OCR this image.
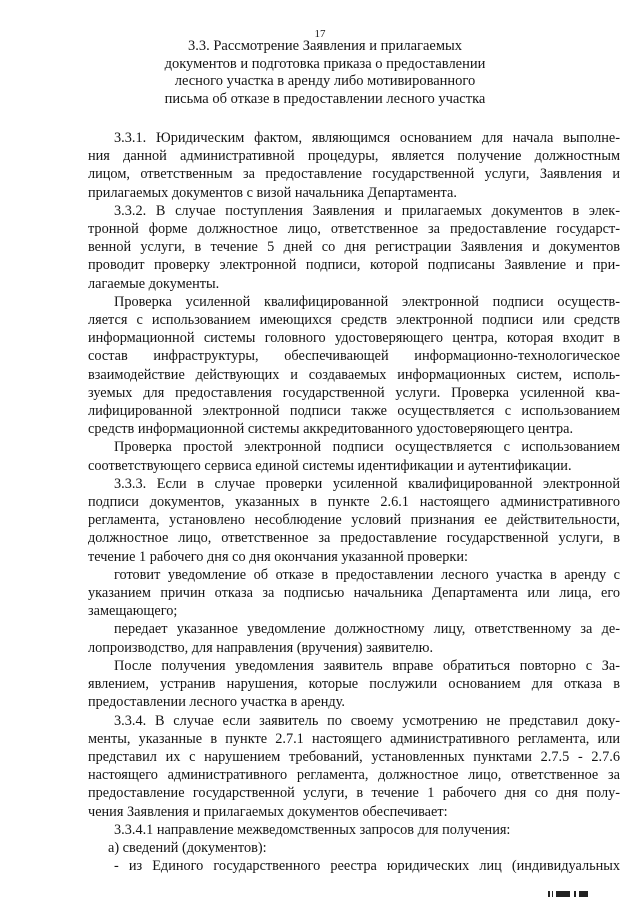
17
3.3. Рассмотрение Заявления и прилагаемых
документов и подготовка приказа о предоставлении
лесного участка в аренду либо мотивированного
письма об отказе в предоставлении лесного участка
3.3.1. Юридическим фактом, являющимся основанием для начала выполне-
ния данной административной процедуры, является получение должностным
лицом, ответственным за предоставление государственной услуги, Заявления и
прилагаемых документов с визой начальника Департамента.
3.3.2. В случае поступления Заявления и прилагаемых документов в элек-
тронной форме должностное лицо, ответственное за предоставление государст-
венной услуги, в течение 5 дней со дня регистрации Заявления и документов
проводит проверку электронной подписи, которой подписаны Заявление и при-
лагаемые документы.
Проверка усиленной квалифицированной электронной подписи осуществ-
ляется с использованием имеющихся средств электронной подписи или средств
информационной системы головного удостоверяющего центра, которая входит в
состав инфраструктуры, обеспечивающей информационно-технологическое
взаимодействие действующих и создаваемых информационных систем, исполь-
зуемых для предоставления государственной услуги. Проверка усиленной ква-
лифицированной электронной подписи также осуществляется с использованием
средств информационной системы аккредитованного удостоверяющего центра.
Проверка простой электронной подписи осуществляется с использованием
соответствующего сервиса единой системы идентификации и аутентификации.
3.3.3. Если в случае проверки усиленной квалифицированной электронной
подписи документов, указанных в пункте 2.6.1 настоящего административного
регламента, установлено несоблюдение условий признания ее действительности,
должностное лицо, ответственное за предоставление государственной услуги, в
течение 1 рабочего дня со дня окончания указанной проверки:
готовит уведомление об отказе в предоставлении лесного участка в аренду с
указанием причин отказа за подписью начальника Департамента или лица, его
замещающего;
передает указанное уведомление должностному лицу, ответственному за де-
лопроизводство, для направления (вручения) заявителю.
После получения уведомления заявитель вправе обратиться повторно с За-
явлением, устранив нарушения, которые послужили основанием для отказа в
предоставлении лесного участка в аренду.
3.3.4. В случае если заявитель по своему усмотрению не представил доку-
менты, указанные в пункте 2.7.1 настоящего административного регламента, или
представил их с нарушением требований, установленных пунктами 2.7.5 - 2.7.6
настоящего административного регламента, должностное лицо, ответственное за
предоставление государственной услуги, в течение 1 рабочего дня со дня полу-
чения Заявления и прилагаемых документов обеспечивает:
3.3.4.1 направление межведомственных запросов для получения:
а) сведений (документов):
- из Единого государственного реестра юридических лиц (индивидуальных
